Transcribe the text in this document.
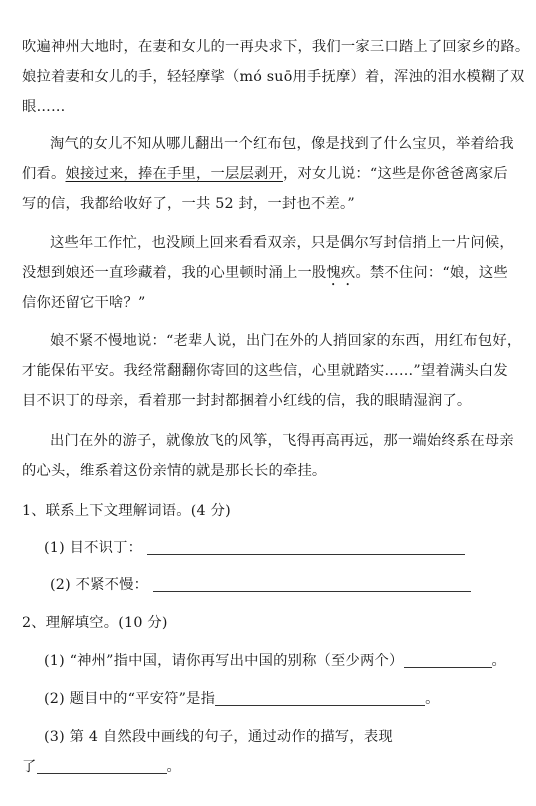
吹遍神州大地时，在妻和女儿的一再央求下，我们一家三口踏上了回家乡的路。
娘拉着妻和女儿的手，轻轻摩挲（mó suō用手抚摩）着，浑浊的泪水模糊了双
眼……
淘气的女儿不知从哪儿翻出一个红布包，像是找到了什么宝贝，举着给我
们看。娘接过来，捧在手里，一层层剥开，对女儿说：“这些是你爸爸离家后
写的信，我都给收好了，一共 52 封，一封也不差。”
这些年工作忙，也没顾上回来看看双亲，只是偶尔写封信捎上一片问候，
没想到娘还一直珍藏着，我的心里顿时涌上一股愧疚。禁不住问：“娘，这些
信你还留它干啥？”
娘不紧不慢地说：“老辈人说，出门在外的人捎回家的东西，用红布包好，
才能保佑平安。我经常翻翻你寄回的这些信，心里就踏实……”望着满头白发
目不识丁的母亲，看着那一封封都捆着小红线的信，我的眼睛湿润了。
出门在外的游子，就像放飞的风筝，飞得再高再远，那一端始终系在母亲
的心头，维系着这份亲情的就是那长长的牵挂。
1、联系上下文理解词语。(4 分)
(1) 目不识丁：
(2) 不紧不慢：
2、理解填空。(10 分)
(1) “神州”指中国，请你再写出中国的别称（至少两个）	。
(2) 题目中的“平安符”是指	。
(3) 第 4 自然段中画线的句子，通过动作的描写，表现
了	。
